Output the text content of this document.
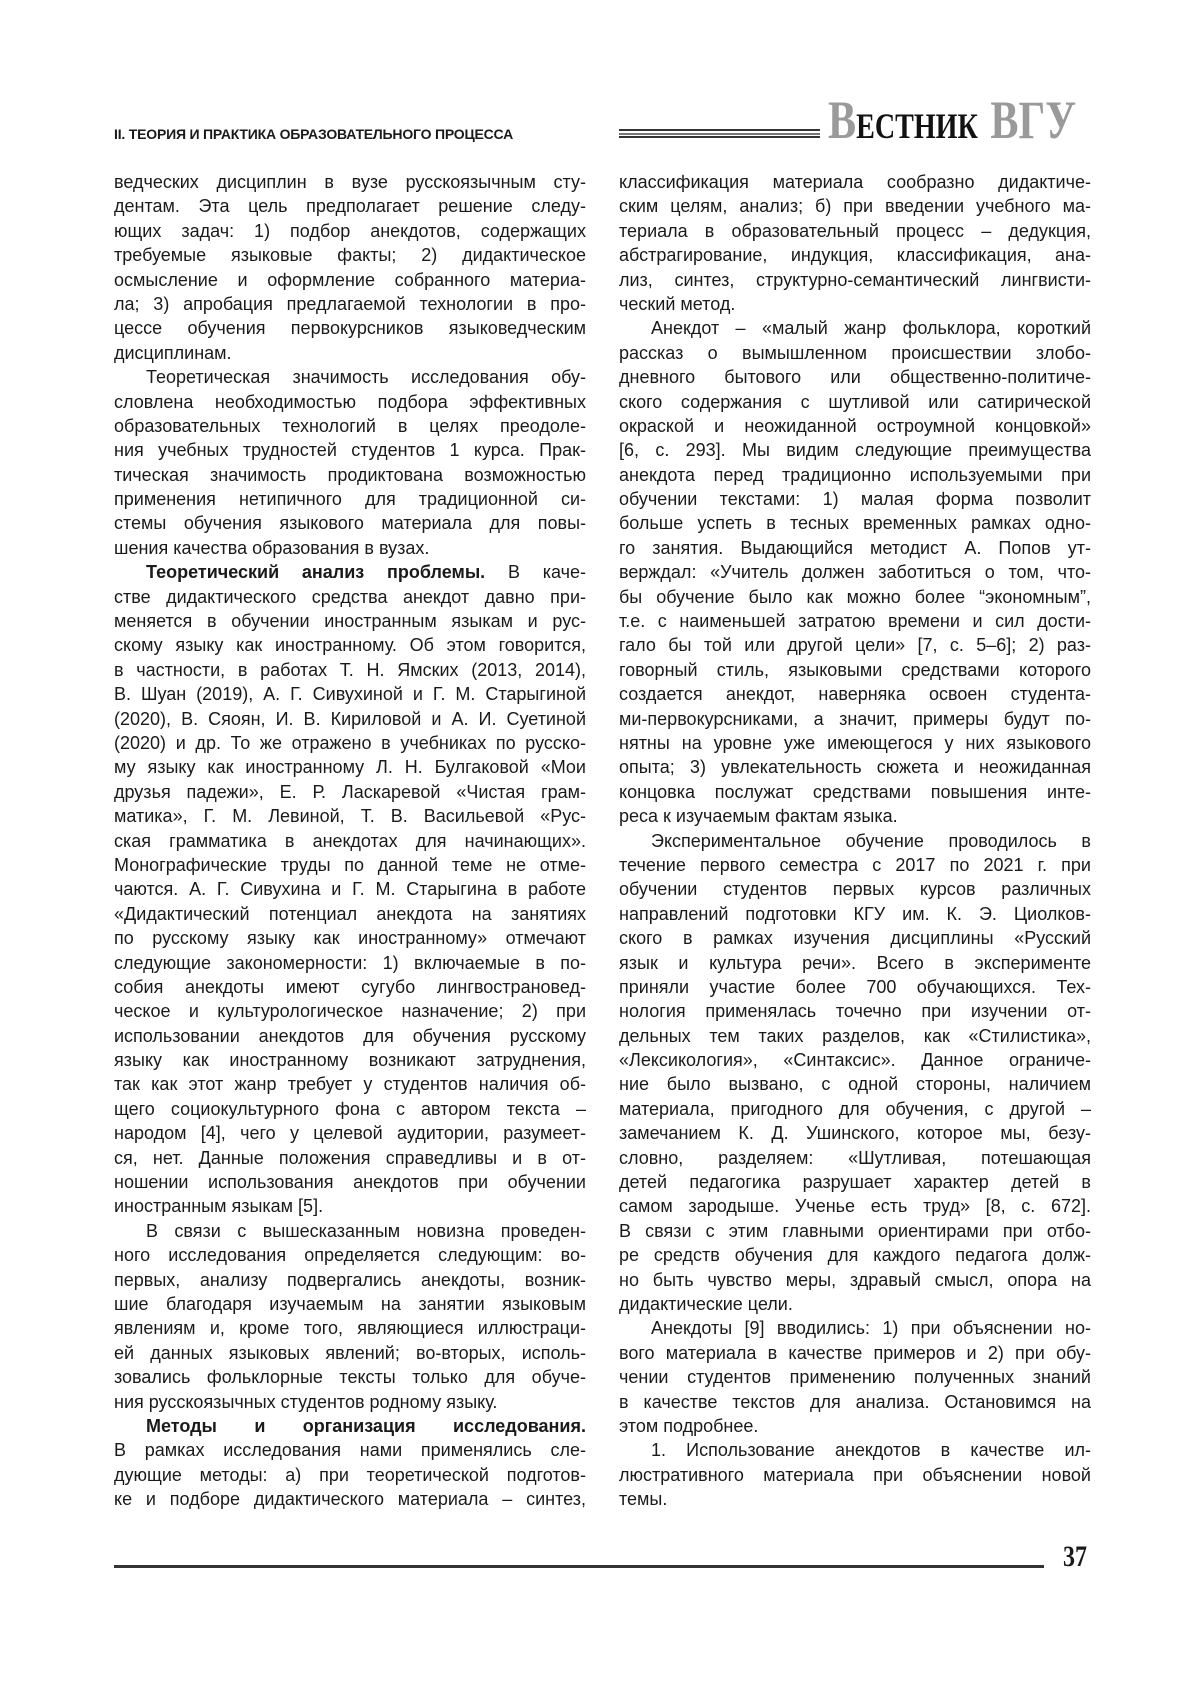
II. ТЕОРИЯ И ПРАКТИКА ОБРАЗОВАТЕЛЬНОГО ПРОЦЕССА	ВЕСТНИК ВГУ
ведческих дисциплин в вузе русскоязычным сту-
дентам. Эта цель предполагает решение следу-
ющих задач: 1) подбор анекдотов, содержащих
требуемые языковые факты; 2) дидактическое
осмысление и оформление собранного материа-
ла; 3) апробация предлагаемой технологии в про-
цессе обучения первокурсников языковедческим
дисциплинам.
Теоретическая значимость исследования обу-
словлена необходимостью подбора эффективных
образовательных технологий в целях преодоле-
ния учебных трудностей студентов 1 курса. Прак-
тическая значимость продиктована возможностью
применения нетипичного для традиционной си-
стемы обучения языкового материала для повы-
шения качества образования в вузах.
Теоретический анализ проблемы. В каче-
стве дидактического средства анекдот давно при-
меняется в обучении иностранным языкам и рус-
скому языку как иностранному. Об этом говорится,
в частности, в работах Т. Н. Ямских (2013, 2014),
В. Шуан (2019), А. Г. Сивухиной и Г. М. Старыгиной
(2020), В. Сяоян, И. В. Кириловой и А. И. Суетиной
(2020) и др. То же отражено в учебниках по русско-
му языку как иностранному Л. Н. Булгаковой «Мои
друзья падежи», Е. Р. Ласкаревой «Чистая грам-
матика», Г. М. Левиной, Т. В. Васильевой «Рус-
ская грамматика в анекдотах для начинающих».
Монографические труды по данной теме не отме-
чаются. А. Г. Сивухина и Г. М. Старыгина в работе
«Дидактический потенциал анекдота на занятиях
по русскому языку как иностранному» отмечают
следующие закономерности: 1) включаемые в по-
собия анекдоты имеют сугубо лингвострановед-
ческое и культурологическое назначение; 2) при
использовании анекдотов для обучения русскому
языку как иностранному возникают затруднения,
так как этот жанр требует у студентов наличия об-
щего социокультурного фона с автором текста –
народом [4], чего у целевой аудитории, разумеет-
ся, нет. Данные положения справедливы и в от-
ношении использования анекдотов при обучении
иностранным языкам [5].
В связи с вышесказанным новизна проведен-
ного исследования определяется следующим: во-
первых, анализу подвергались анекдоты, возник-
шие благодаря изучаемым на занятии языковым
явлениям и, кроме того, являющиеся иллюстраци-
ей данных языковых явлений; во-вторых, исполь-
зовались фольклорные тексты только для обуче-
ния русскоязычных студентов родному языку.
Методы и организация исследования.
В рамках исследования нами применялись сле-
дующие методы: а) при теоретической подготов-
ке и подборе дидактического материала – синтез,
классификация материала сообразно дидактиче-
ским целям, анализ; б) при введении учебного ма-
териала в образовательный процесс – дедукция,
абстрагирование, индукция, классификация, ана-
лиз, синтез, структурно-семантический лингвисти-
ческий метод.
Анекдот – «малый жанр фольклора, короткий
рассказ о вымышленном происшествии злобо-
дневного бытового или общественно-политиче-
ского содержания с шутливой или сатирической
окраской и неожиданной остроумной концовкой»
[6, с. 293]. Мы видим следующие преимущества
анекдота перед традиционно используемыми при
обучении текстами: 1) малая форма позволит
больше успеть в тесных временных рамках одно-
го занятия. Выдающийся методист А. Попов ут-
верждал: «Учитель должен заботиться о том, что-
бы обучение было как можно более “экономным”,
т.е. с наименьшей затратою времени и сил дости-
гало бы той или другой цели» [7, с. 5–6]; 2) раз-
говорный стиль, языковыми средствами которого
создается анекдот, наверняка освоен студента-
ми-первокурсниками, а значит, примеры будут по-
нятны на уровне уже имеющегося у них языкового
опыта; 3) увлекательность сюжета и неожиданная
концовка послужат средствами повышения инте-
реса к изучаемым фактам языка.
Экспериментальное обучение проводилось в
течение первого семестра с 2017 по 2021 г. при
обучении студентов первых курсов различных
направлений подготовки КГУ им. К. Э. Циолков-
ского в рамках изучения дисциплины «Русский
язык и культура речи». Всего в эксперименте
приняли участие более 700 обучающихся. Тех-
нология применялась точечно при изучении от-
дельных тем таких разделов, как «Стилистика»,
«Лексикология», «Синтаксис». Данное ограниче-
ние было вызвано, с одной стороны, наличием
материала, пригодного для обучения, с другой –
замечанием К. Д. Ушинского, которое мы, безу-
словно, разделяем: «Шутливая, потешающая
детей педагогика разрушает характер детей в
самом зародыше. Ученье есть труд» [8, с. 672].
В связи с этим главными ориентирами при отбо-
ре средств обучения для каждого педагога долж-
но быть чувство меры, здравый смысл, опора на
дидактические цели.
Анекдоты [9] вводились: 1) при объяснении но-
вого материала в качестве примеров и 2) при обу-
чении студентов применению полученных знаний
в качестве текстов для анализа. Остановимся на
этом подробнее.
1. Использование анекдотов в качестве ил-
люстративного материала при объяснении новой
темы.
37
